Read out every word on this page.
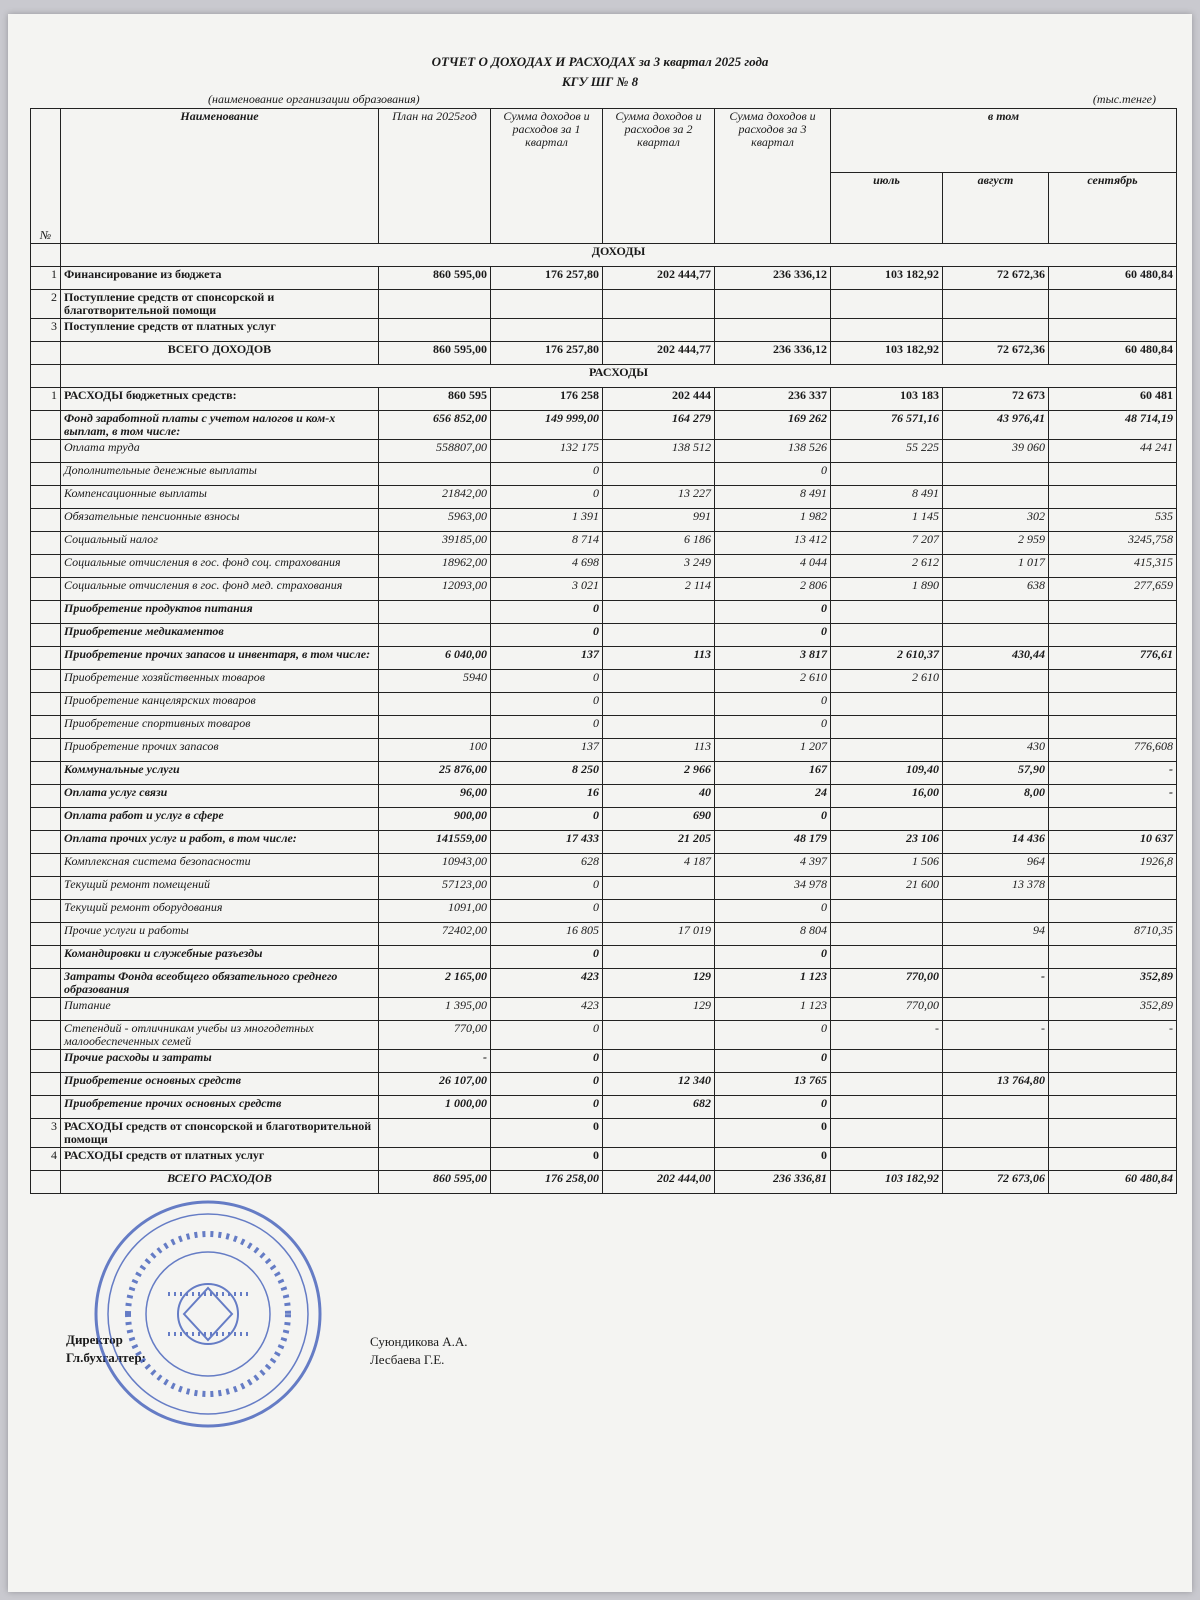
ОТЧЕТ О ДОХОДАХ И РАСХОДАХ за 3 квартал 2025 года
КГУ ШГ № 8
(наименование организации образования)	(тыс.тенге)
№	Наименование	План на 2025год	Сумма доходов и расходов за 1 квартал	Сумма доходов и расходов за 2 квартал	Сумма доходов и расходов за 3 квартал	в том		
						июль	август	сентябрь
	ДОХОДЫ							
1	Финансирование из бюджета	860 595,00	176 257,80	202 444,77	236 336,12	103 182,92	72 672,36	60 480,84
2	Поступление средств от спонсорской и благотворительной помощи							
3	Поступление средств от платных услуг							
	ВСЕГО ДОХОДОВ	860 595,00	176 257,80	202 444,77	236 336,12	103 182,92	72 672,36	60 480,84
	РАСХОДЫ							
1	РАСХОДЫ бюджетных средств:	860 595	176 258	202 444	236 337	103 183	72 673	60 481
	Фонд заработной платы с учетом налогов и ком-х выплат, в том числе:	656 852,00	149 999,00	164 279	169 262	76 571,16	43 976,41	48 714,19
	Оплата труда	558807,00	132 175	138 512	138 526	55 225	39 060	44 241
	Дополнительные денежные выплаты		0		0			
	Компенсационные выплаты	21842,00	0	13 227	8 491	8 491		
	Обязательные пенсионные взносы	5963,00	1 391	991	1 982	1 145	302	535
	Социальный налог	39185,00	8 714	6 186	13 412	7 207	2 959	3245,758
	Социальные отчисления в гос. фонд соц. страхования	18962,00	4 698	3 249	4 044	2 612	1 017	415,315
	Социальные отчисления в гос. фонд мед. страхования	12093,00	3 021	2 114	2 806	1 890	638	277,659
	Приобретение продуктов питания		0		0			
	Приобретение медикаментов		0		0			
	Приобретение прочих запасов и инвентаря, в том числе:	6 040,00	137	113	3 817	2 610,37	430,44	776,61
	Приобретение хозяйственных товаров	5940	0		2 610	2 610		
	Приобретение канцелярских товаров		0		0			
	Приобретение спортивных товаров		0		0			
	Приобретение прочих запасов	100	137	113	1 207		430	776,608
	Коммунальные услуги	25 876,00	8 250	2 966	167	109,40	57,90	-
	Оплата услуг связи	96,00	16	40	24	16,00	8,00	-
	Оплата работ и услуг в сфере	900,00	0	690	0			
	Оплата прочих услуг и работ, в том числе:	141559,00	17 433	21 205	48 179	23 106	14 436	10 637
	Комплексная система безопасности	10943,00	628	4 187	4 397	1 506	964	1926,8
	Текущий ремонт помещений	57123,00	0		34 978	21 600	13 378	
	Текущий ремонт оборудования	1091,00	0		0			
	Прочие услуги и работы	72402,00	16 805	17 019	8 804		94	8710,35
	Командировки и служебные разъезды		0		0			
	Затраты Фонда всеобщего обязательного среднего образования	2 165,00	423	129	1 123	770,00	-	352,89
	Питание	1 395,00	423	129	1 123	770,00		352,89
	Степендий - отличникам учебы из многодетных малообеспеченных семей	770,00	0		0	-	-	-
	Прочие расходы и затраты	-	0		0			
	Приобретение основных средств	26 107,00	0	12 340	13 765		13 764,80	
	Приобретение прочих основных средств	1 000,00	0	682	0			
3	РАСХОДЫ средств от спонсорской и благотворительной помощи		0		0			
4	РАСХОДЫ средств от платных услуг		0		0			
	ВСЕГО РАСХОДОВ	860 595,00	176 258,00	202 444,00	236 336,81	103 182,92	72 673,06	60 480,84
Директор
Гл.бухгалтер:
Суюндикова А.А.
Лесбаева Г.Е.
